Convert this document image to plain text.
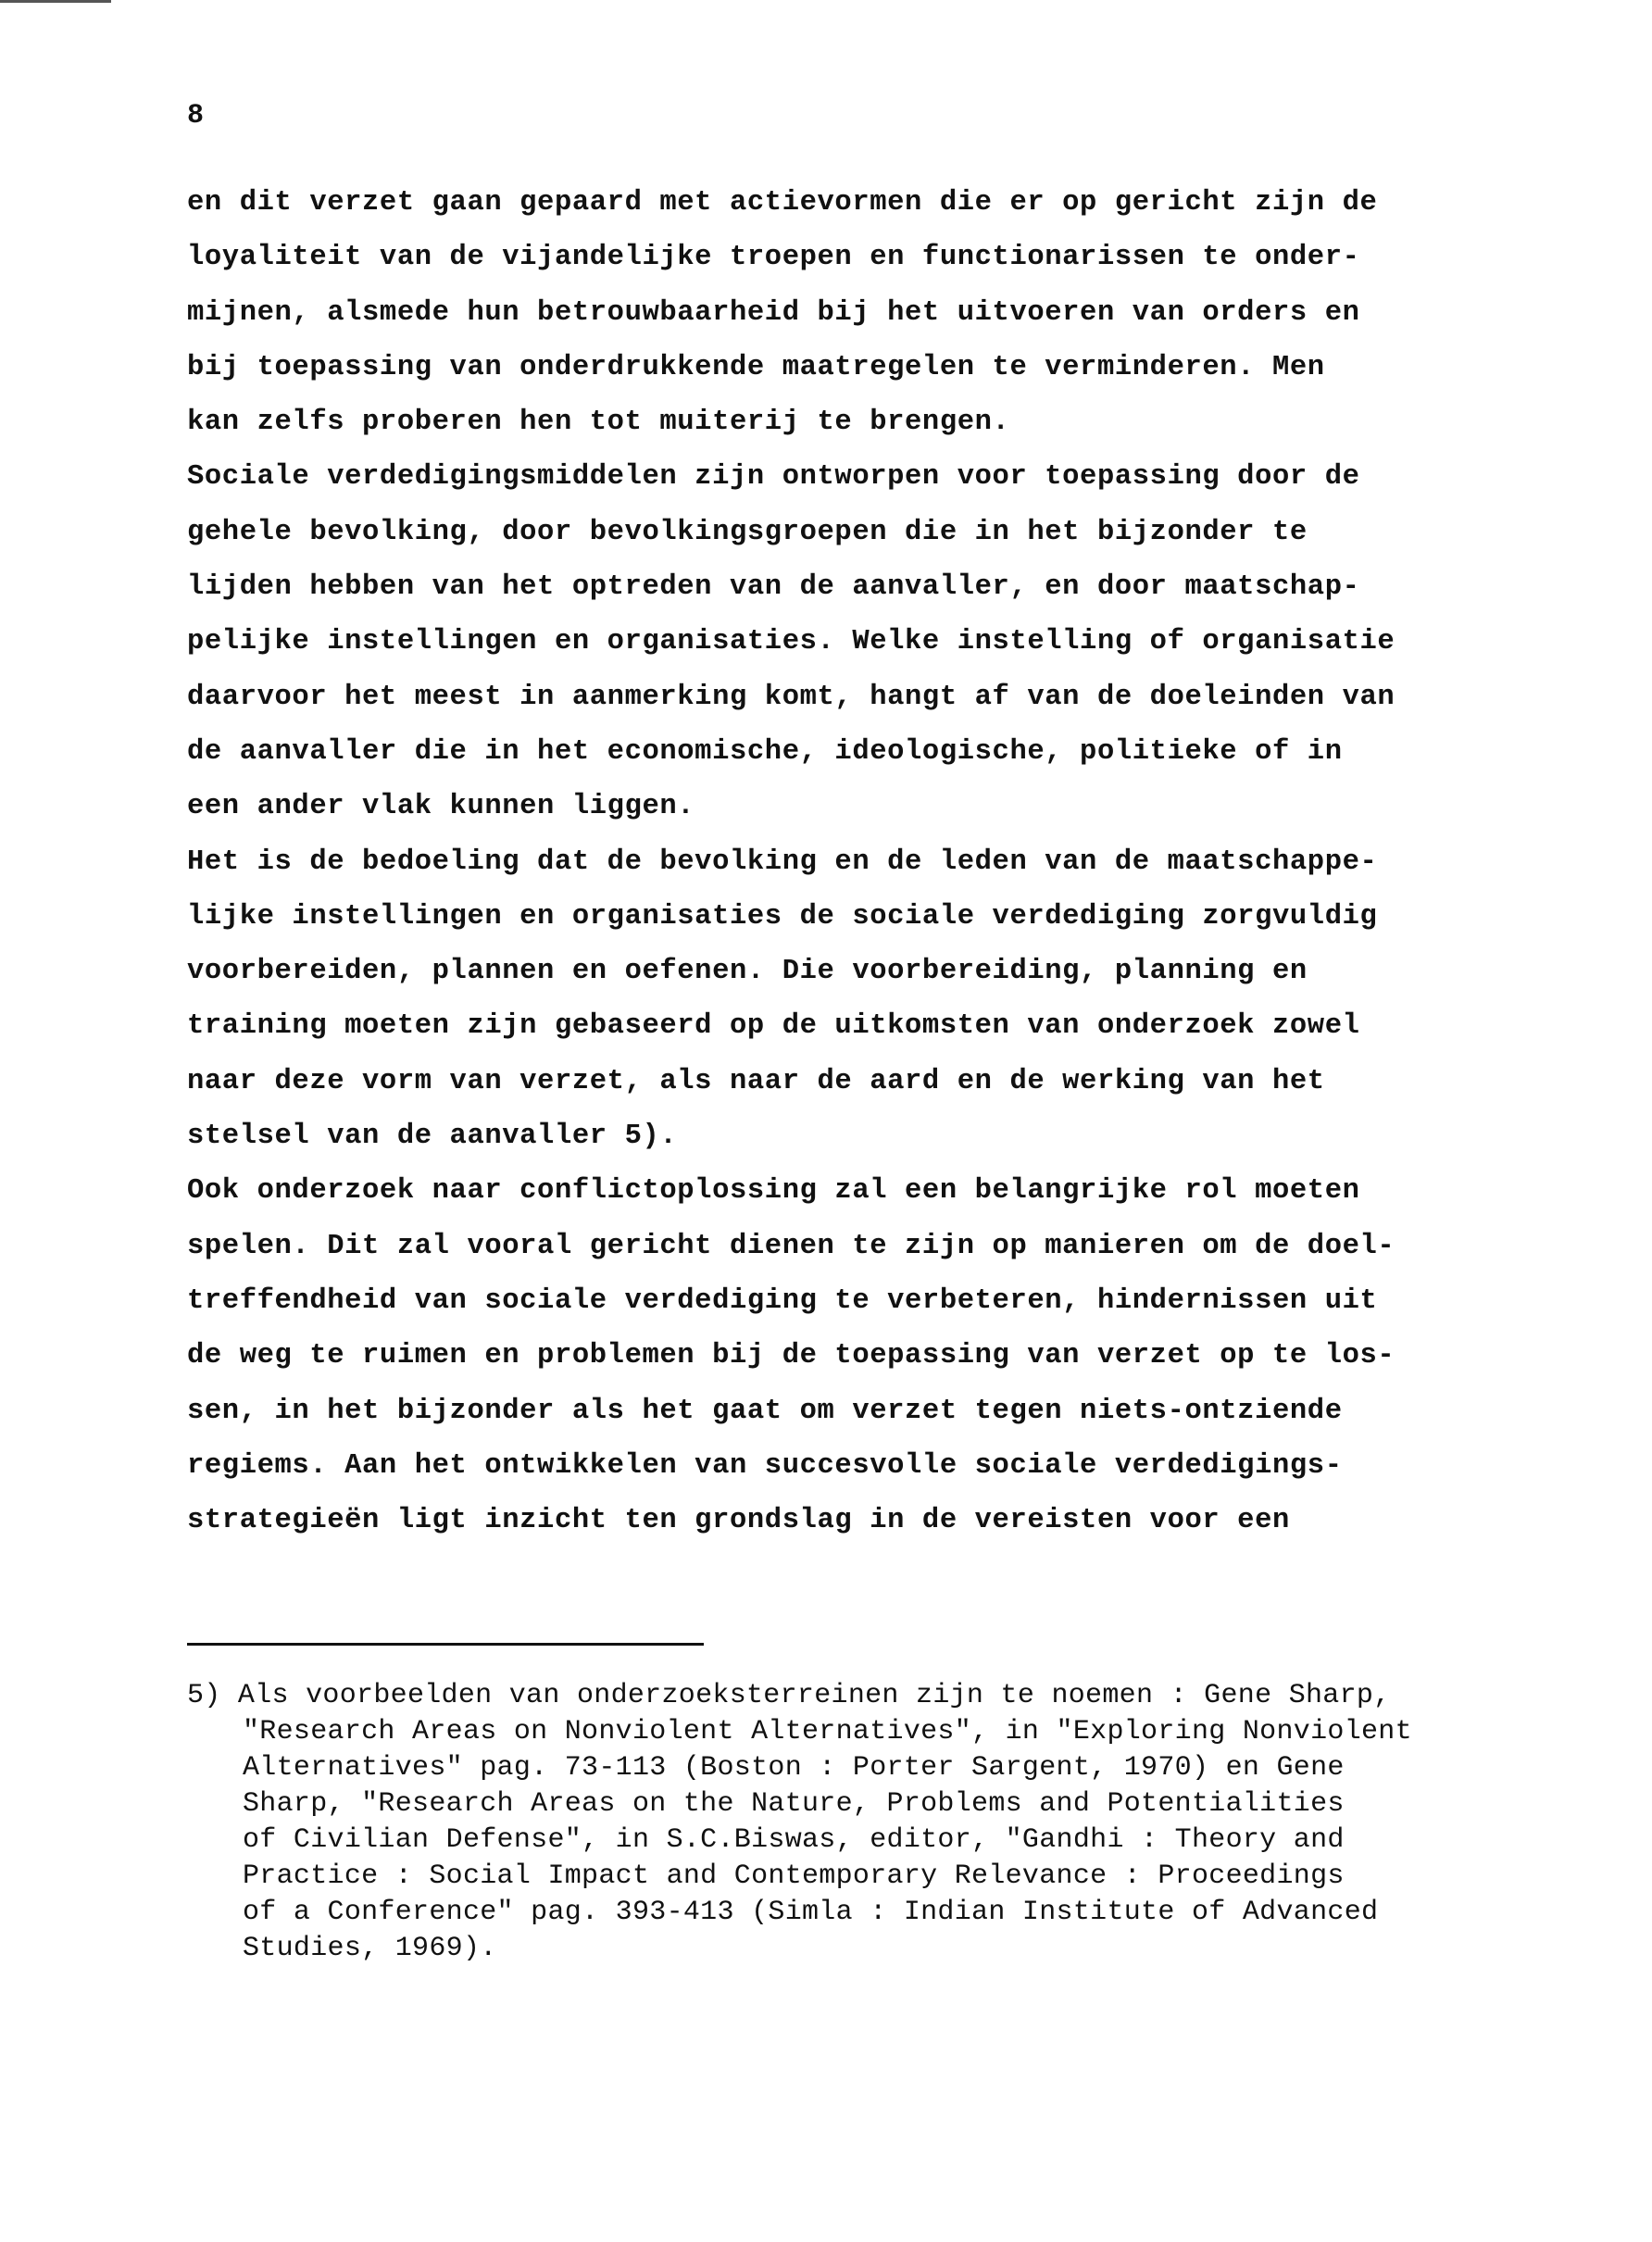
8

en dit verzet gaan gepaard met actievormen die er op gericht zijn de
loyaliteit van de vijandelijke troepen en functionarissen te onder-
mijnen, alsmede hun betrouwbaarheid bij het uitvoeren van orders en
bij toepassing van onderdrukkende maatregelen te verminderen. Men
kan zelfs proberen hen tot muiterij te brengen.
Sociale verdedigingsmiddelen zijn ontworpen voor toepassing door de
gehele bevolking, door bevolkingsgroepen die in het bijzonder te
lijden hebben van het optreden van de aanvaller, en door maatschap-
pelijke instellingen en organisaties. Welke instelling of organisatie
daarvoor het meest in aanmerking komt, hangt af van de doeleinden van
de aanvaller die in het economische, ideologische, politieke of in
een ander vlak kunnen liggen.
Het is de bedoeling dat de bevolking en de leden van de maatschappe-
lijke instellingen en organisaties de sociale verdediging zorgvuldig
voorbereiden, plannen en oefenen. Die voorbereiding, planning en
training moeten zijn gebaseerd op de uitkomsten van onderzoek zowel
naar deze vorm van verzet, als naar de aard en de werking van het
stelsel van de aanvaller 5).
Ook onderzoek naar conflictoplossing zal een belangrijke rol moeten
spelen. Dit zal vooral gericht dienen te zijn op manieren om de doel-
treffendheid van sociale verdediging te verbeteren, hindernissen uit
de weg te ruimen en problemen bij de toepassing van verzet op te los-
sen, in het bijzonder als het gaat om verzet tegen niets-ontziende
regiems. Aan het ontwikkelen van succesvolle sociale verdedigings-
strategieën ligt inzicht ten grondslag in de vereisten voor een
5) Als voorbeelden van onderzoeksterreinen zijn te noemen : Gene Sharp,
"Research Areas on Nonviolent Alternatives", in "Exploring Nonviolent
Alternatives" pag. 73-113 (Boston : Porter Sargent, 1970) en Gene
Sharp, "Research Areas on the Nature, Problems and Potentialities
of Civilian Defense", in S.C.Biswas, editor, "Gandhi : Theory and
Practice : Social Impact and Contemporary Relevance : Proceedings
of a Conference" pag. 393-413 (Simla : Indian Institute of Advanced
Studies, 1969).
